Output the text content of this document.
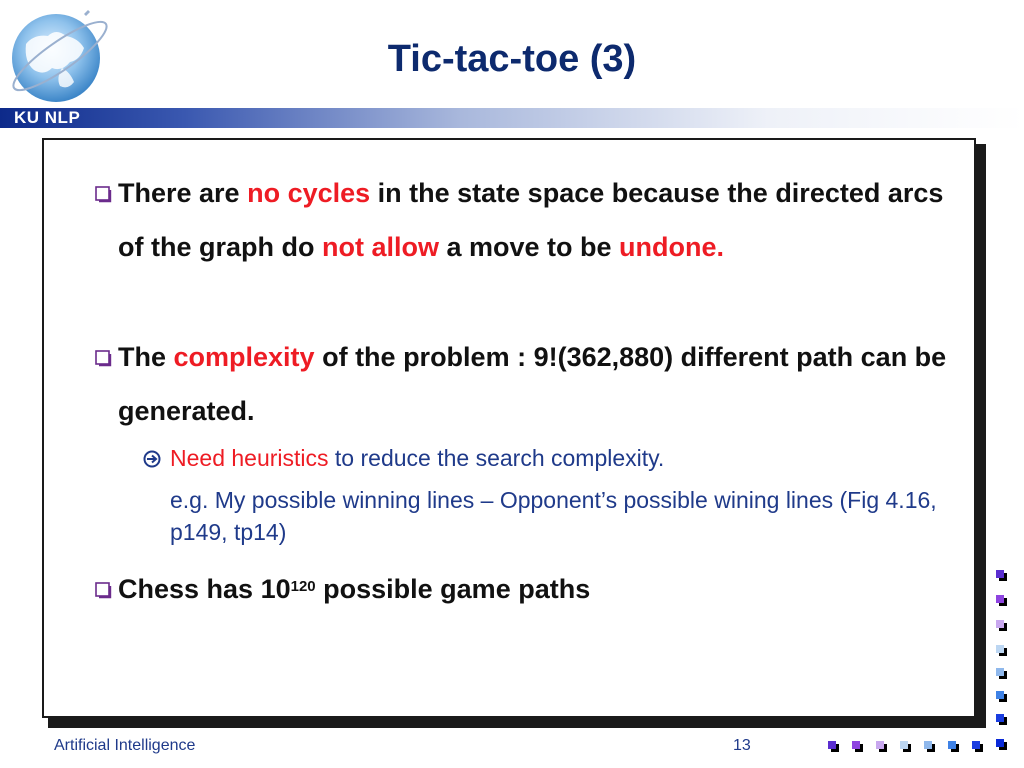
KU NLP
Tic-tac-toe (3)
There are no cycles in the state space because the directed arcs of the graph do not allow a move to be undone.
The complexity of the problem : 9!(362,880) different path can be generated.
Need heuristics to reduce the search complexity.
e.g. My possible winning lines – Opponent’s possible wining lines (Fig 4.16, p149, tp14)
Chess has $10^{120}$ possible game paths
Artificial Intelligence	13
